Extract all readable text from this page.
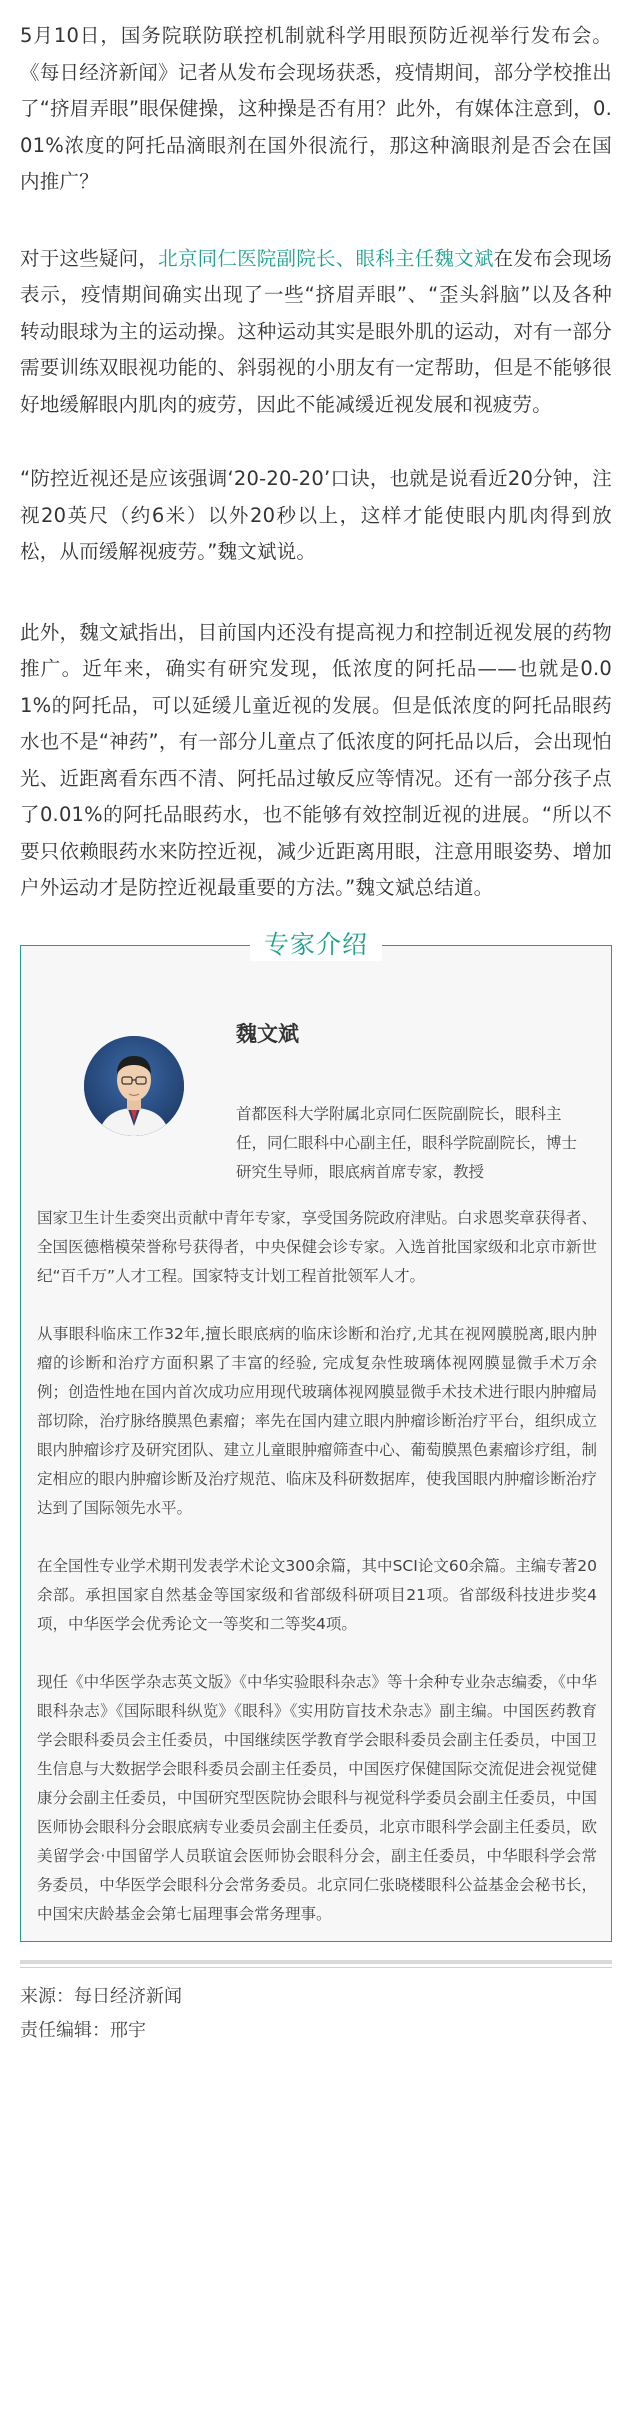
5月10日，国务院联防联控机制就科学用眼预防近视举行发布会。《每日经济新闻》记者从发布会现场获悉，疫情期间，部分学校推出了“挤眉弄眼”眼保健操，这种操是否有用？此外，有媒体注意到，0.01%浓度的阿托品滴眼剂在国外很流行，那这种滴眼剂是否会在国内推广？

对于这些疑问，北京同仁医院副院长、眼科主任魏文斌在发布会现场表示，疫情期间确实出现了一些“挤眉弄眼”、“歪头斜脑”以及各种转动眼球为主的运动操。这种运动其实是眼外肌的运动，对有一部分需要训练双眼视功能的、斜弱视的小朋友有一定帮助，但是不能够很好地缓解眼内肌肉的疲劳，因此不能减缓近视发展和视疲劳。

“防控近视还是应该强调‘20-20-20’口诀，也就是说看近20分钟，注视20英尺（约6米）以外20秒以上，这样才能使眼内肌肉得到放松，从而缓解视疲劳。”魏文斌说。

此外，魏文斌指出，目前国内还没有提高视力和控制近视发展的药物推广。近年来，确实有研究发现，低浓度的阿托品——也就是0.01%的阿托品，可以延缓儿童近视的发展。但是低浓度的阿托品眼药水也不是“神药”，有一部分儿童点了低浓度的阿托品以后，会出现怕光、近距离看东西不清、阿托品过敏反应等情况。还有一部分孩子点了0.01%的阿托品眼药水，也不能够有效控制近视的进展。“所以不要只依赖眼药水来防控近视，减少近距离用眼，注意用眼姿势、增加户外运动才是防控近视最重要的方法。”魏文斌总结道。

专家介绍
魏文斌
首都医科大学附属北京同仁医院副院长，眼科主任，同仁眼科中心副主任，眼科学院副院长，博士研究生导师，眼底病首席专家，教授

国家卫生计生委突出贡献中青年专家，享受国务院政府津贴。白求恩奖章获得者、全国医德楷模荣誉称号获得者，中央保健会诊专家。入选首批国家级和北京市新世纪“百千万”人才工程。国家特支计划工程首批领军人才。

从事眼科临床工作32年,擅长眼底病的临床诊断和治疗,尤其在视网膜脱离,眼内肿瘤的诊断和治疗方面积累了丰富的经验, 完成复杂性玻璃体视网膜显微手术万余例；创造性地在国内首次成功应用现代玻璃体视网膜显微手术技术进行眼内肿瘤局部切除，治疗脉络膜黑色素瘤；率先在国内建立眼内肿瘤诊断治疗平台，组织成立眼内肿瘤诊疗及研究团队、建立儿童眼肿瘤筛查中心、葡萄膜黑色素瘤诊疗组，制定相应的眼内肿瘤诊断及治疗规范、临床及科研数据库，使我国眼内肿瘤诊断治疗达到了国际领先水平。

在全国性专业学术期刊发表学术论文300余篇，其中SCI论文60余篇。主编专著20余部。承担国家自然基金等国家级和省部级科研项目21项。省部级科技进步奖4项，中华医学会优秀论文一等奖和二等奖4项。

现任《中华医学杂志英文版》《中华实验眼科杂志》等十余种专业杂志编委，《中华眼科杂志》《国际眼科纵览》《眼科》《实用防盲技术杂志》副主编。中国医药教育学会眼科委员会主任委员，中国继续医学教育学会眼科委员会副主任委员，中国卫生信息与大数据学会眼科委员会副主任委员，中国医疗保健国际交流促进会视觉健康分会副主任委员，中国研究型医院协会眼科与视觉科学委员会副主任委员，中国医师协会眼科分会眼底病专业委员会副主任委员，北京市眼科学会副主任委员，欧美留学会·中国留学人员联谊会医师协会眼科分会，副主任委员，中华眼科学会常务委员，中华医学会眼科分会常务委员。北京同仁张晓楼眼科公益基金会秘书长，中国宋庆龄基金会第七届理事会常务理事。

来源：每日经济新闻

责任编辑：邢宇
